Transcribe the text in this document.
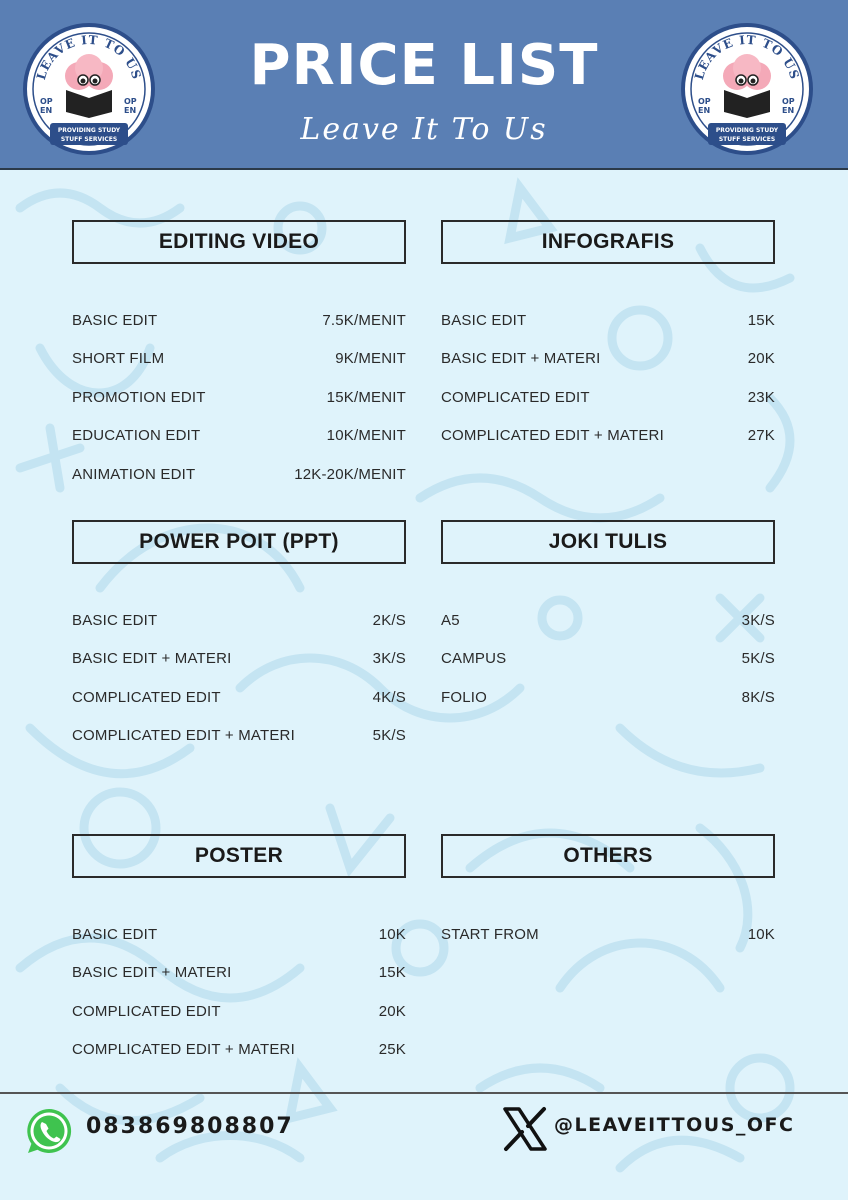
LEAVE IT TO US
OP
EN
OP
EN
PROVIDING STUDY
STUFF SERVICES
PRICE LIST
Leave It To Us
LEAVE IT TO US
OP
EN
OP
EN
PROVIDING STUDY
STUFF SERVICES
EDITING VIDEO
BASIC EDIT	7.5K/MENIT
SHORT FILM	9K/MENIT
PROMOTION EDIT	15K/MENIT
EDUCATION EDIT	10K/MENIT
ANIMATION EDIT	12K-20K/MENIT
INFOGRAFIS
BASIC EDIT	15K
BASIC EDIT + MATERI	20K
COMPLICATED EDIT	23K
COMPLICATED EDIT + MATERI	27K
POWER POIT (PPT)
BASIC EDIT	2K/S
BASIC EDIT + MATERI	3K/S
COMPLICATED EDIT	4K/S
COMPLICATED EDIT + MATERI	5K/S
JOKI TULIS
A5	3K/S
CAMPUS	5K/S
FOLIO	8K/S
POSTER
BASIC EDIT	10K
BASIC EDIT + MATERI	15K
COMPLICATED EDIT	20K
COMPLICATED EDIT + MATERI	25K
OTHERS
START FROM	10K
083869808807	@LEAVEITTOUS_OFC
